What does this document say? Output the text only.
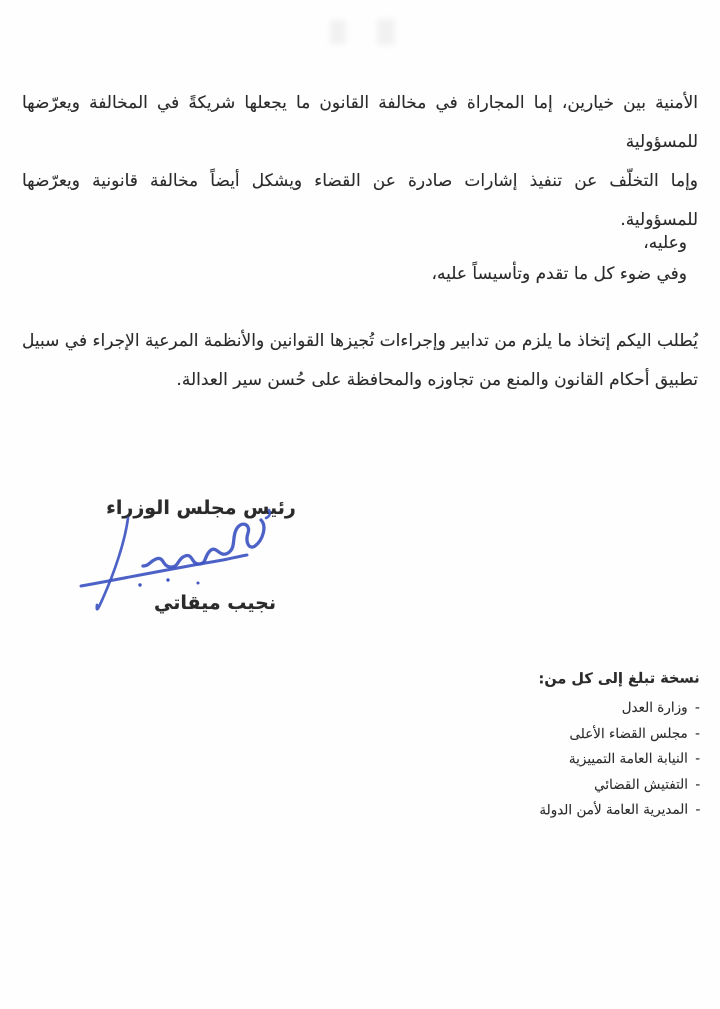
الأمنية بين خيارين، إما المجاراة في مخالفة القانون ما يجعلها شريكةً في المخالفة ويعرّضها للمسؤولية
وإما التخلّف عن تنفيذ إشارات صادرة عن القضاء ويشكل أيضاً مخالفة قانونية ويعرّضها للمسؤولية.
وعليه،
وفي ضوء كل ما تقدم وتأسيساً عليه،
يُطلب اليكم إتخاذ ما يلزم من تدابير وإجراءات تُجيزها القوانين والأنظمة المرعية الإجراء في سبيل
تطبيق أحكام القانون والمنع من تجاوزه والمحافظة على حُسن سير العدالة.
رئيس مجلس الوزراء
نجيب ميقاتي
نسخة تبلغ إلى كل من:
- وزارة العدل
- مجلس القضاء الأعلى
- النيابة العامة التمييزية
- التفتيش القضائي
- المديرية العامة لأمن الدولة
